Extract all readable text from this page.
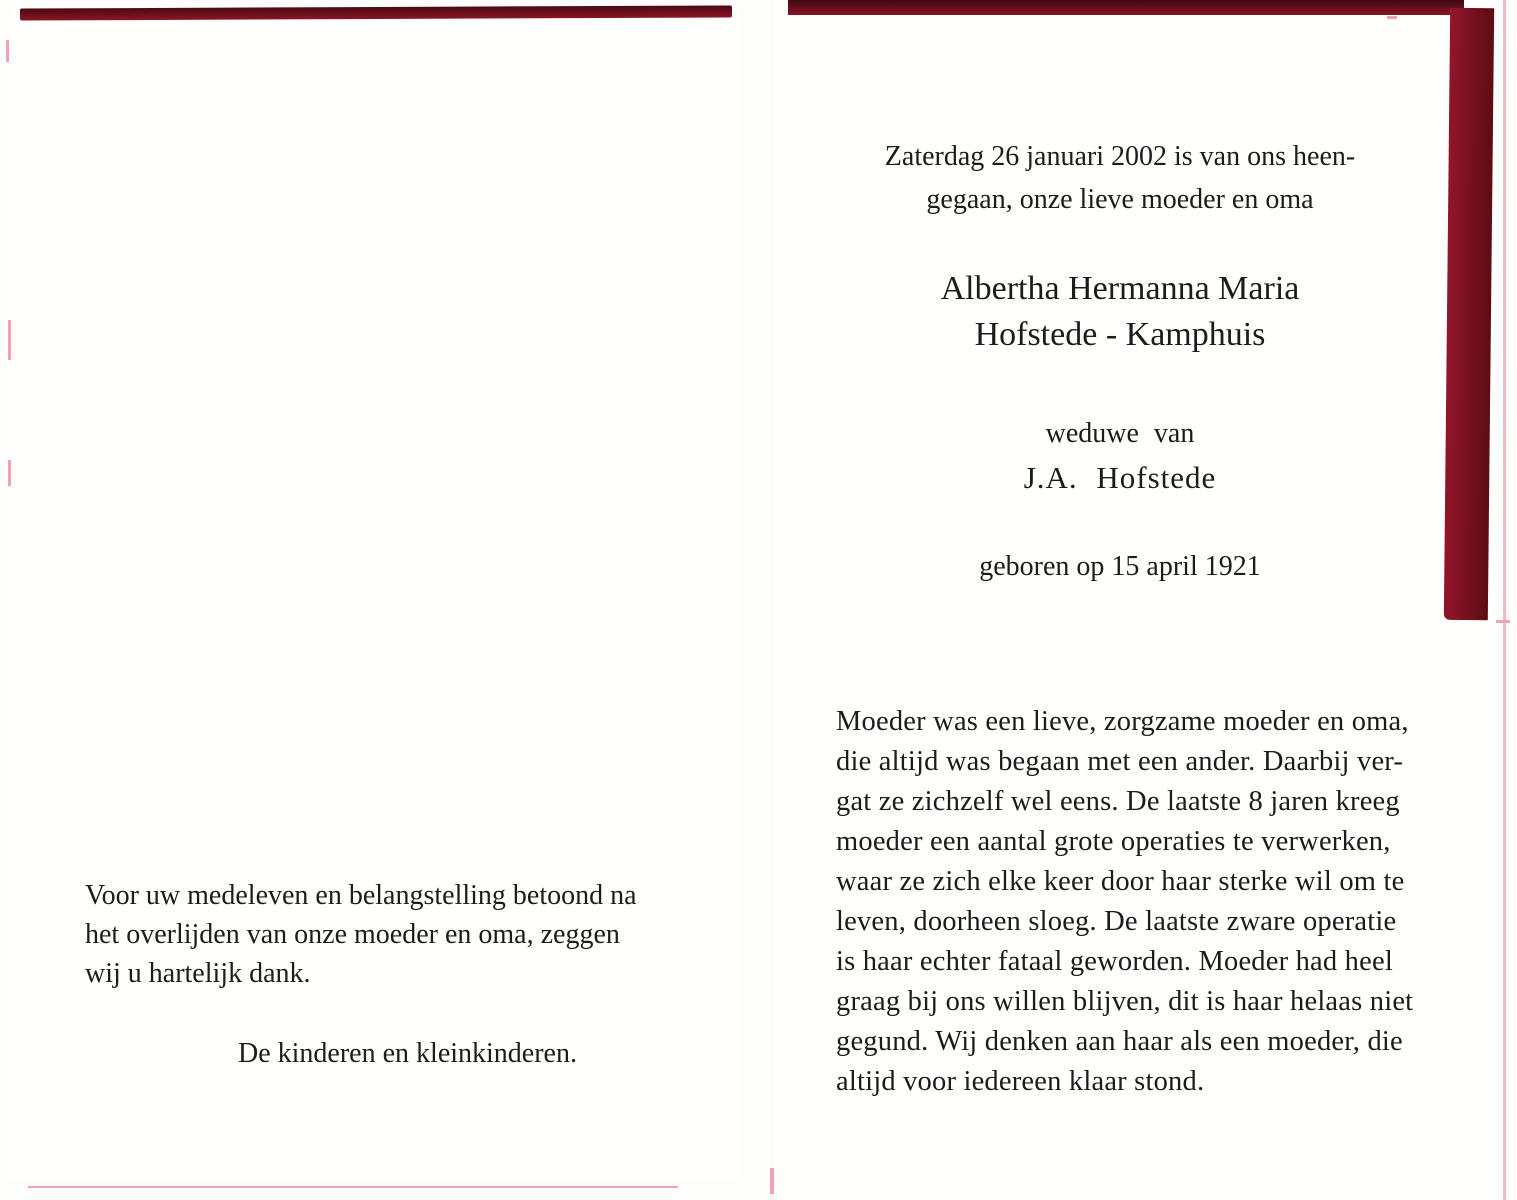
Voor uw medeleven en belangstelling betoond na
het overlijden van onze moeder en oma, zeggen
wij u hartelijk dank.
De kinderen en kleinkinderen.
Zaterdag 26 januari 2002 is van ons heen-
gegaan, onze lieve moeder en oma
Albertha Hermanna Maria
Hofstede - Kamphuis
weduwe van
J.A. Hofstede
geboren op 15 april 1921
Moeder was een lieve, zorgzame moeder en oma,
die altijd was begaan met een ander. Daarbij ver-
gat ze zichzelf wel eens. De laatste 8 jaren kreeg
moeder een aantal grote operaties te verwerken,
waar ze zich elke keer door haar sterke wil om te
leven, doorheen sloeg. De laatste zware operatie
is haar echter fataal geworden. Moeder had heel
graag bij ons willen blijven, dit is haar helaas niet
gegund. Wij denken aan haar als een moeder, die
altijd voor iedereen klaar stond.
